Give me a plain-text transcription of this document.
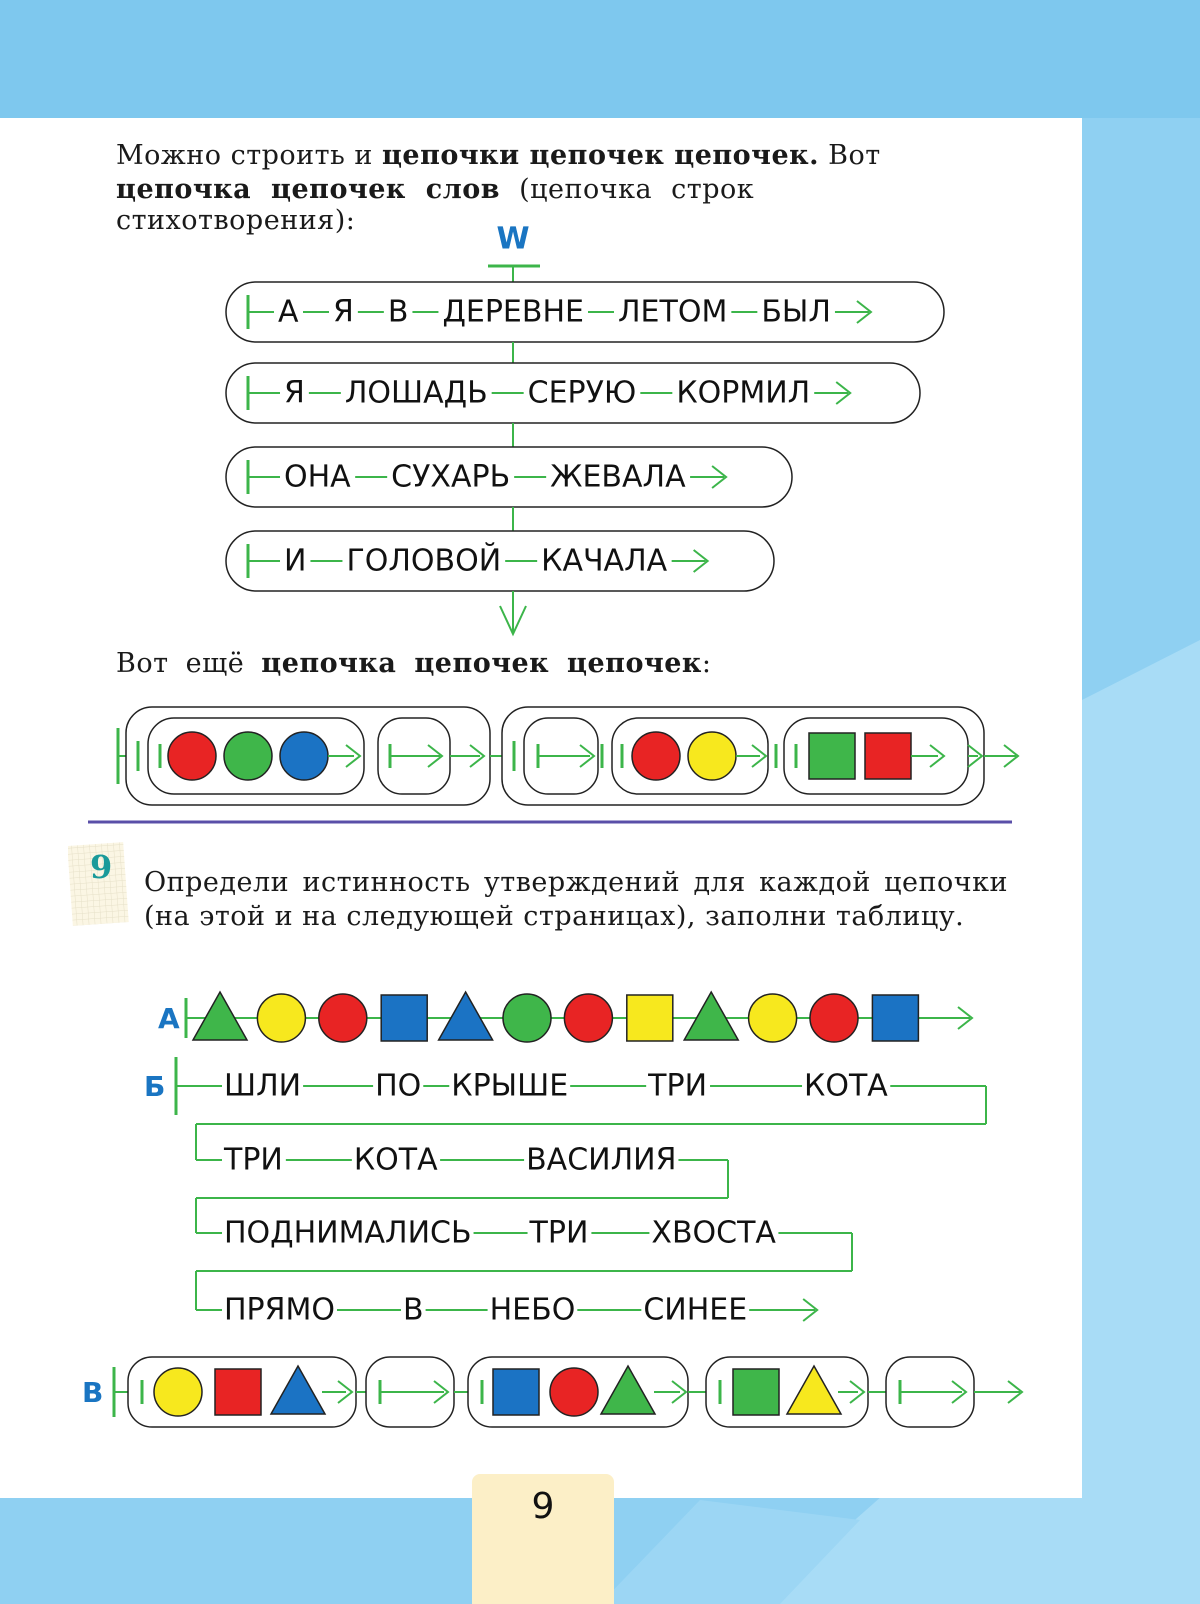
Можно строить и цепочки цепочек цепочек. Вот

цепочка цепочек слов (цепочка строк стихотворения):

W
А Я В ДЕРЕВНЕ ЛЕТОМ БЫЛ
Я ЛОШАДЬ СЕРУЮ КОРМИЛ
ОНА СУХАРЬ ЖЕВАЛА
И ГОЛОВОЙ КАЧАЛА
А
Б ШЛИ ПО КРЫШЕ	ТРИ	КОТА
ТРИ КОТА	ВАСИЛИЯ
ПОДНИМАЛИСЬ ТРИ ХВОСТА
ПРЯМО В НЕБО СИНЕЕ
В

Вот ещё цепочка цепочек цепочек:

9 Определи истинность утверждений для каждой цепочки (на этой и на следующей страницах), заполни таблицу.

9
